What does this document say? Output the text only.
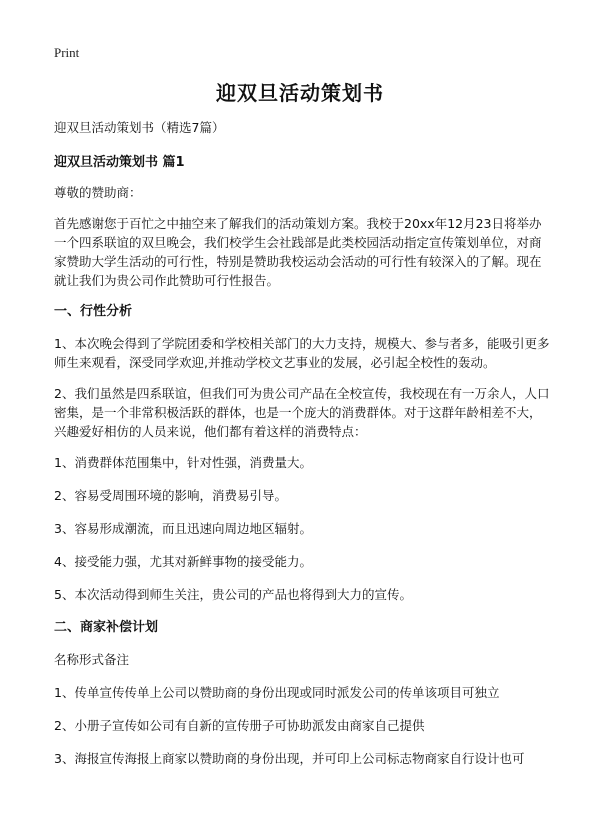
Print
迎双旦活动策划书

迎双旦活动策划书（精选7篇）

迎双旦活动策划书 篇1

尊敬的赞助商：

首先感谢您于百忙之中抽空来了解我们的活动策划方案。我校于20xx年12月23日将举办一个四系联谊的双旦晚会，我们校学生会社践部是此类校园活动指定宣传策划单位，对商家赞助大学生活动的可行性，特别是赞助我校运动会活动的可行性有较深入的了解。现在就让我们为贵公司作此赞助可行性报告。

一、行性分析

1、本次晚会得到了学院团委和学校相关部门的大力支持，规模大、参与者多，能吸引更多师生来观看，深受同学欢迎,并推动学校文艺事业的发展，必引起全校性的轰动。

2、我们虽然是四系联谊，但我们可为贵公司产品在全校宣传，我校现在有一万余人，人口密集，是一个非常积极活跃的群体，也是一个庞大的消费群体。对于这群年龄相差不大，兴趣爱好相仿的人员来说，他们都有着这样的消费特点：

1、消费群体范围集中，针对性强，消费量大。

2、容易受周围环境的影响，消费易引导。

3、容易形成潮流，而且迅速向周边地区辐射。

4、接受能力强，尤其对新鲜事物的接受能力。

5、本次活动得到师生关注，贵公司的产品也将得到大力的宣传。

二、商家补偿计划

名称形式备注

1、传单宣传传单上公司以赞助商的身份出现或同时派发公司的传单该项目可独立

2、小册子宣传如公司有自新的宣传册子可协助派发由商家自己提供

3、海报宣传海报上商家以赞助商的身份出现，并可印上公司标志物商家自行设计也可
